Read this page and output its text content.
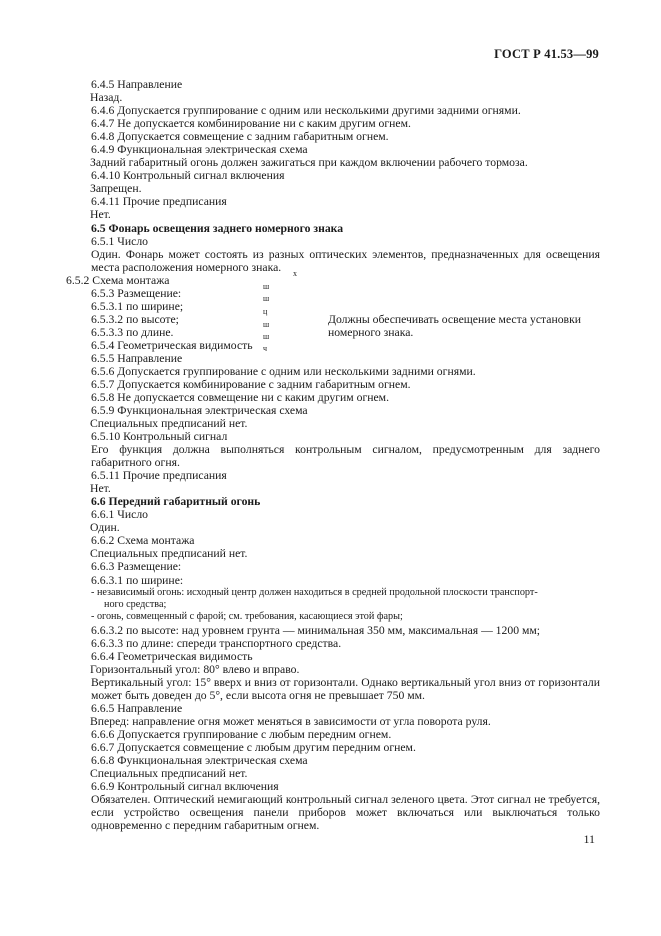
ГОСТ Р 41.53—99
6.4.5 Направление
Назад.
6.4.6 Допускается группирование с одним или несколькими другими задними огнями.
6.4.7 Не допускается комбинирование ни с каким другим огнем.
6.4.8 Допускается совмещение с задним габаритным огнем.
6.4.9 Функциональная электрическая схема
Задний габаритный огонь должен зажигаться при каждом включении рабочего тормоза.
6.4.10 Контрольный сигнал включения
Запрещен.
6.4.11 Прочие предписания
Нет.
6.5 Фонарь освещения заднего номерного знака
6.5.1 Число
Один. Фонарь может состоять из разных оптических элементов, предназначенных для освещения места расположения номерного знака.
6.5.2 Схема монтажа
6.5.3 Размещение:
6.5.3.1 по ширине;
6.5.3.2 по высоте;
6.5.3.3 по длине.
6.5.4 Геометрическая видимость
Должны обеспечивать освещение места установки номерного знака.
х
ш
ш
ц
ш
ш
ч
6.5.5 Направление
6.5.6 Допускается группирование с одним или несколькими задними огнями.
6.5.7 Допускается комбинирование с задним габаритным огнем.
6.5.8 Не допускается совмещение ни с каким другим огнем.
6.5.9 Функциональная электрическая схема
Специальных предписаний нет.
6.5.10 Контрольный сигнал
Его функция должна выполняться контрольным сигналом, предусмотренным для заднего габаритного огня.
6.5.11 Прочие предписания
Нет.
6.6 Передний габаритный огонь
6.6.1 Число
Один.
6.6.2 Схема монтажа
Специальных предписаний нет.
6.6.3 Размещение:
6.6.3.1 по ширине:
- независимый огонь: исходный центр должен находиться в средней продольной плоскости транспорт-
ного средства;
- огонь, совмещенный с фарой; см. требования, касающиеся этой фары;
6.6.3.2 по высоте: над уровнем грунта — минимальная 350 мм, максимальная — 1200 мм;
6.6.3.3 по длине: спереди транспортного средства.
6.6.4 Геометрическая видимость
Горизонтальный угол: 80° влево и вправо.
Вертикальный угол: 15° вверх и вниз от горизонтали. Однако вертикальный угол вниз от горизонтали может быть доведен до 5°, если высота огня не превышает 750 мм.
6.6.5 Направление
Вперед: направление огня может меняться в зависимости от угла поворота руля.
6.6.6 Допускается группирование с любым передним огнем.
6.6.7 Допускается совмещение с любым другим передним огнем.
6.6.8 Функциональная электрическая схема
Специальных предписаний нет.
6.6.9 Контрольный сигнал включения
Обязателен. Оптический немигающий контрольный сигнал зеленого цвета. Этот сигнал не требуется, если устройство освещения панели приборов может включаться или выключаться только одновременно с передним габаритным огнем.
11
